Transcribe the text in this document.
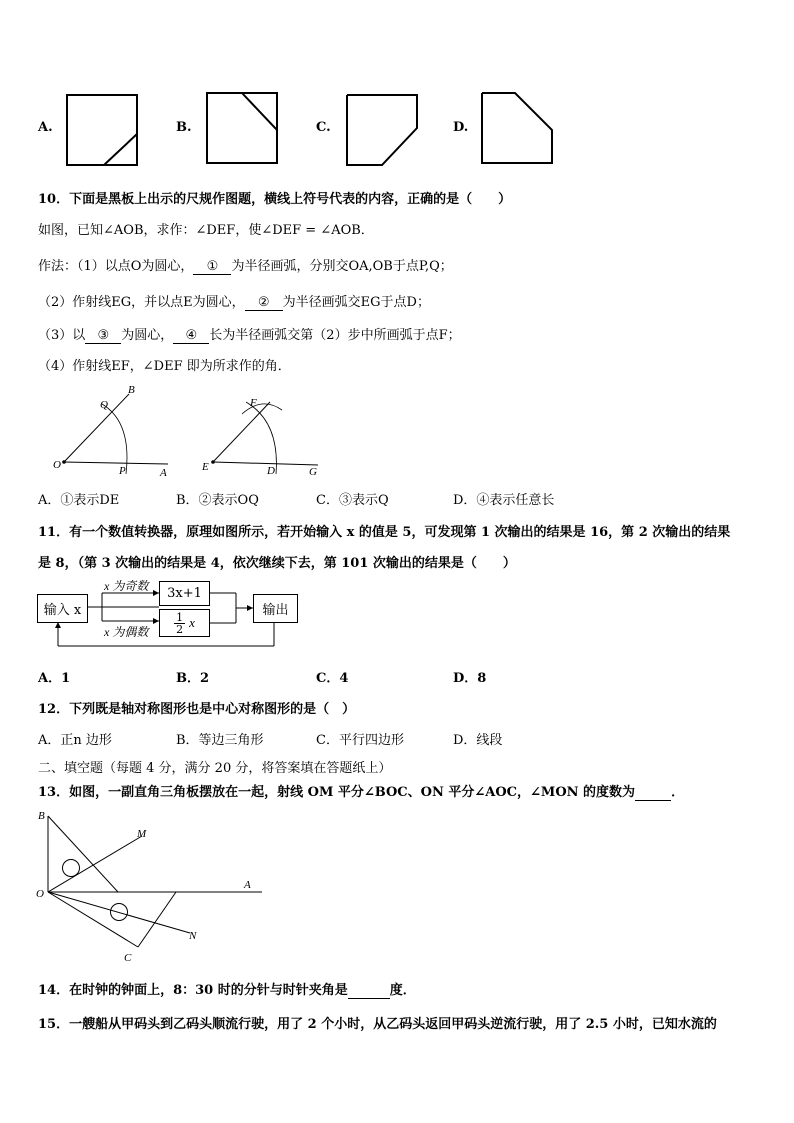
A.	B.	C.	D.
10．下面是黑板上出示的尺规作图题，横线上符号代表的内容，正确的是（　　）
如图，已知∠AOB，求作：∠DEF，使∠DEF = ∠AOB．
作法：（1）以点O为圆心， ① 为半径画弧，分别交OA,OB于点P,Q；
（2）作射线EG，并以点E为圆心， ② 为半径画弧交EG于点D；
（3）以 ③ 为圆心， ④ 长为半径画弧交第（2）步中所画弧于点F；
（4）作射线EF，∠DEF 即为所求作的角．
O	P	A
Q
B
E	D	G
F
A．①表示DE	B．②表示OQ	C．③表示Q	D．④表示任意长
11．有一个数值转换器，原理如图所示，若开始输入 x 的值是 5，可发现第 1 次输出的结果是 16，第 2 次输出的结果
是 8，（第 3 次输出的结果是 4，依次继续下去，第 101 次输出的结果是（　　）
输入 x
x 为奇数
x 为偶数
3x+1
$\frac{1}{2}$ x
输出
A．1	B．2	C．4	D．8
12．下列既是轴对称图形也是中心对称图形的是（　）
A．正n 边形	B．等边三角形	C．平行四边形	D．线段
二、填空题（每题 4 分，满分 20 分，将答案填在答题纸上）
13．如图，一副直角三角板摆放在一起，射线 OM 平分∠BOC、ON 平分∠AOC，∠MON 的度数为	．
B
M
O
A
N
C
14．在时钟的钟面上，8：30 时的分针与时针夹角是	度．
15．一艘船从甲码头到乙码头顺流行驶，用了 2 个小时，从乙码头返回甲码头逆流行驶，用了 2.5 小时，已知水流的
